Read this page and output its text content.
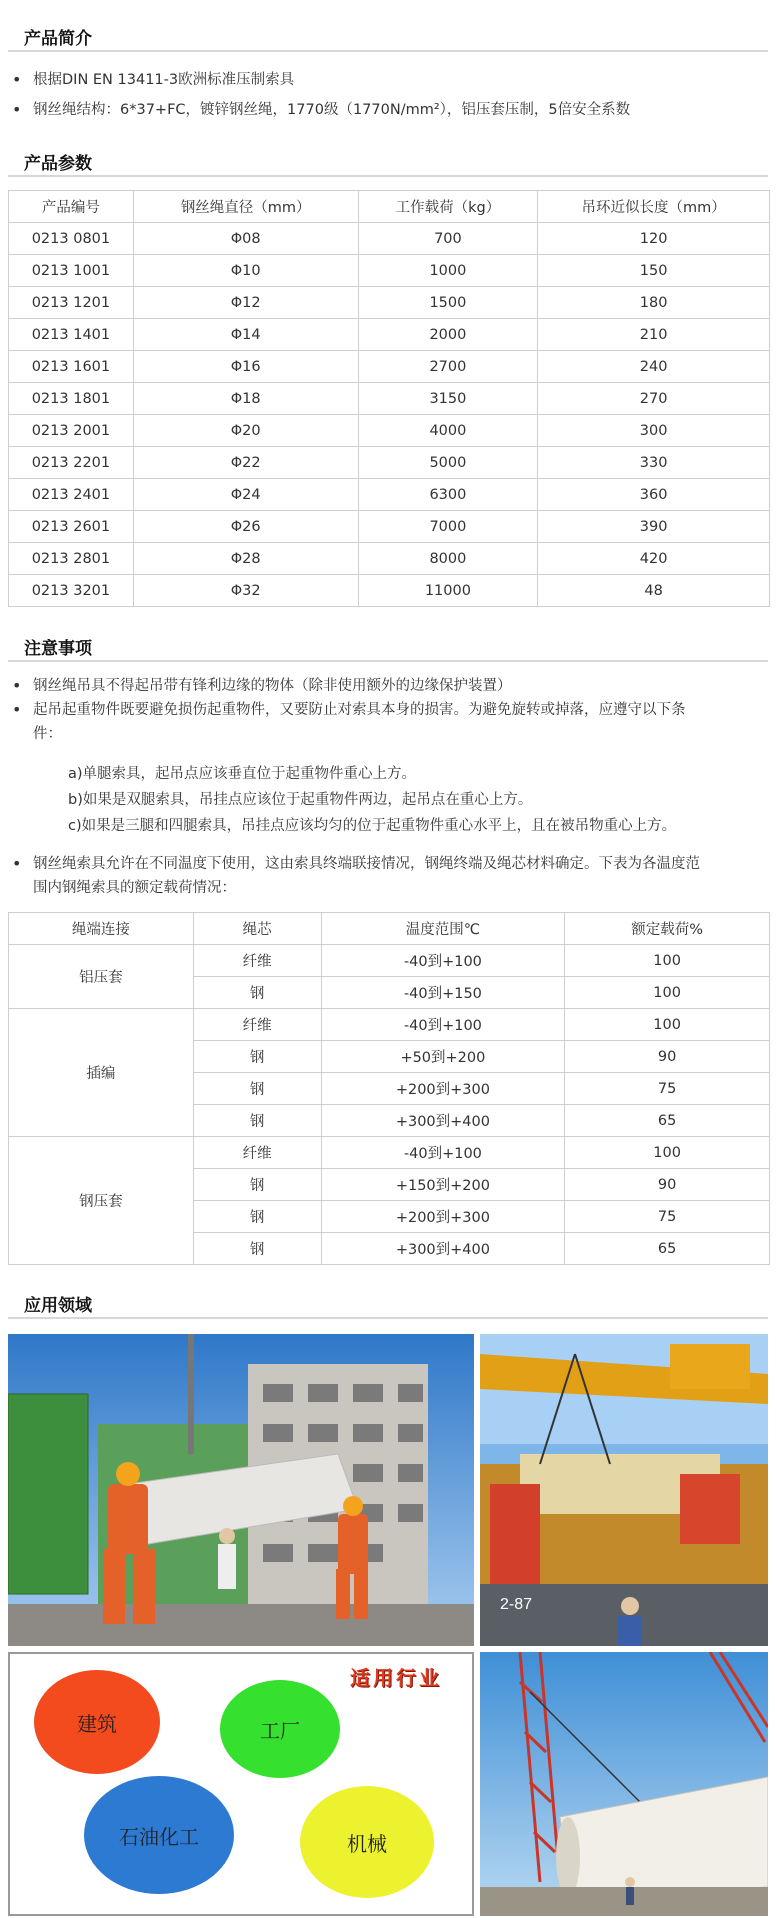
产品简介
• 根据DIN EN 13411-3欧洲标准压制索具
• 钢丝绳结构：6*37+FC，镀锌钢丝绳，1770级（1770N/mm²），铝压套压制，5倍安全系数
产品参数
产品编号	钢丝绳直径（mm）	工作载荷（kg）	吊环近似长度（mm）
0213 0801	Φ08	700	120
0213 1001	Φ10	1000	150
0213 1201	Φ12	1500	180
0213 1401	Φ14	2000	210
0213 1601	Φ16	2700	240
0213 1801	Φ18	3150	270
0213 2001	Φ20	4000	300
0213 2201	Φ22	5000	330
0213 2401	Φ24	6300	360
0213 2601	Φ26	7000	390
0213 2801	Φ28	8000	420
0213 3201	Φ32	11000	48
注意事项
• 钢丝绳吊具不得起吊带有锋利边缘的物体（除非使用额外的边缘保护装置）
• 起吊起重物件既要避免损伤起重物件，又要防止对索具本身的损害。为避免旋转或掉落，应遵守以下条
件：
a)单腿索具，起吊点应该垂直位于起重物件重心上方。
b)如果是双腿索具，吊挂点应该位于起重物件两边，起吊点在重心上方。
c)如果是三腿和四腿索具，吊挂点应该均匀的位于起重物件重心水平上，且在被吊物重心上方。
• 钢丝绳索具允许在不同温度下使用，这由索具终端联接情况，钢绳终端及绳芯材料确定。下表为各温度范
围内钢绳索具的额定载荷情况：
绳端连接	绳芯	温度范围℃	额定载荷%
铝压套	纤维	-40到+100	100
	钢	-40到+150	100
插编	纤维	-40到+100	100
	钢	+50到+200	90
	钢	+200到+300	75
	钢	+300到+400	65
钢压套	纤维	-40到+100	100
	钢	+150到+200	90
	钢	+200到+300	75
	钢	+300到+400	65
应用领域
2-87
适用行业
建筑	工厂
石油化工	机械
